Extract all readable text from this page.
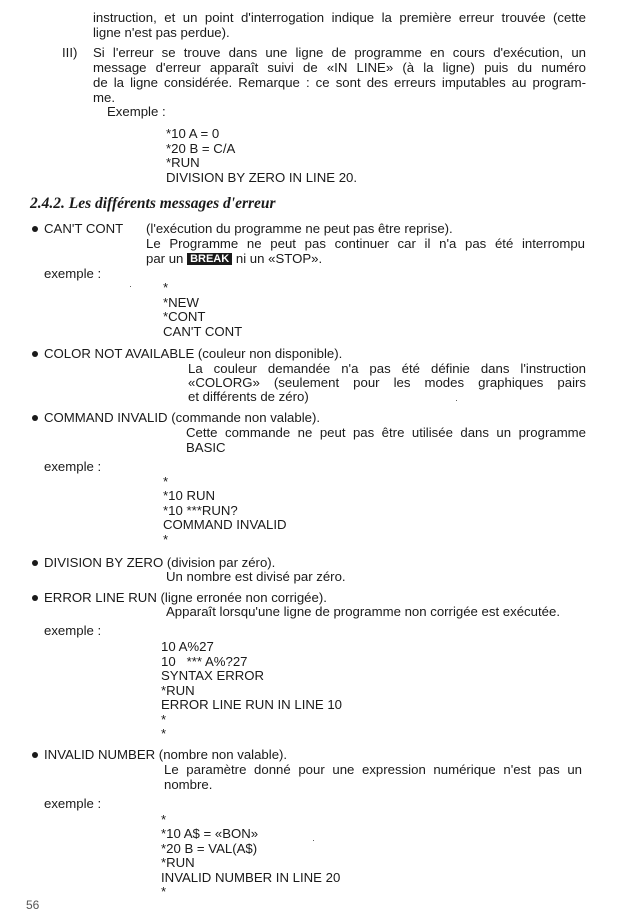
instruction, et un point d'interrogation indique la première erreur trouvée (cette
ligne n'est pas perdue).
III) Si l'erreur se trouve dans une ligne de programme en cours d'exécution, un
message d'erreur apparaît suivi de «IN LINE» (à la ligne) puis du numéro
de la ligne considérée. Remarque : ce sont des erreurs imputables au program-
me.
Exemple :
*10 A = 0
*20 B = C/A
*RUN
DIVISION BY ZERO IN LINE 20.
2.4.2. Les différents messages d'erreur
CAN'T CONT (l'exécution du programme ne peut pas être reprise).
Le Programme ne peut pas continuer car il n'a pas été interrompu
par un BREAK ni un «STOP».
exemple :
*
*NEW
*CONT
CAN'T CONT
COLOR NOT AVAILABLE (couleur non disponible).
La couleur demandée n'a pas été définie dans l'instruction
«COLORG» (seulement pour les modes graphiques pairs
et différents de zéro)
COMMAND INVALID (commande non valable).
Cette commande ne peut pas être utilisée dans un programme
BASIC
exemple :
*
*10 RUN
*10 ***RUN?
COMMAND INVALID
*
DIVISION BY ZERO (division par zéro).
Un nombre est divisé par zéro.
ERROR LINE RUN (ligne erronée non corrigée).
Apparaît lorsqu'une ligne de programme non corrigée est exécutée.
exemple :
10 A%27
10   *** A%?27
SYNTAX ERROR
*RUN
ERROR LINE RUN IN LINE 10
*
*
INVALID NUMBER (nombre non valable).
Le paramètre donné pour une expression numérique n'est pas un
nombre.
exemple :
*
*10 A$ = «BON»
*20 B = VAL(A$)
*RUN
INVALID NUMBER IN LINE 20
*
56
·
·
·
